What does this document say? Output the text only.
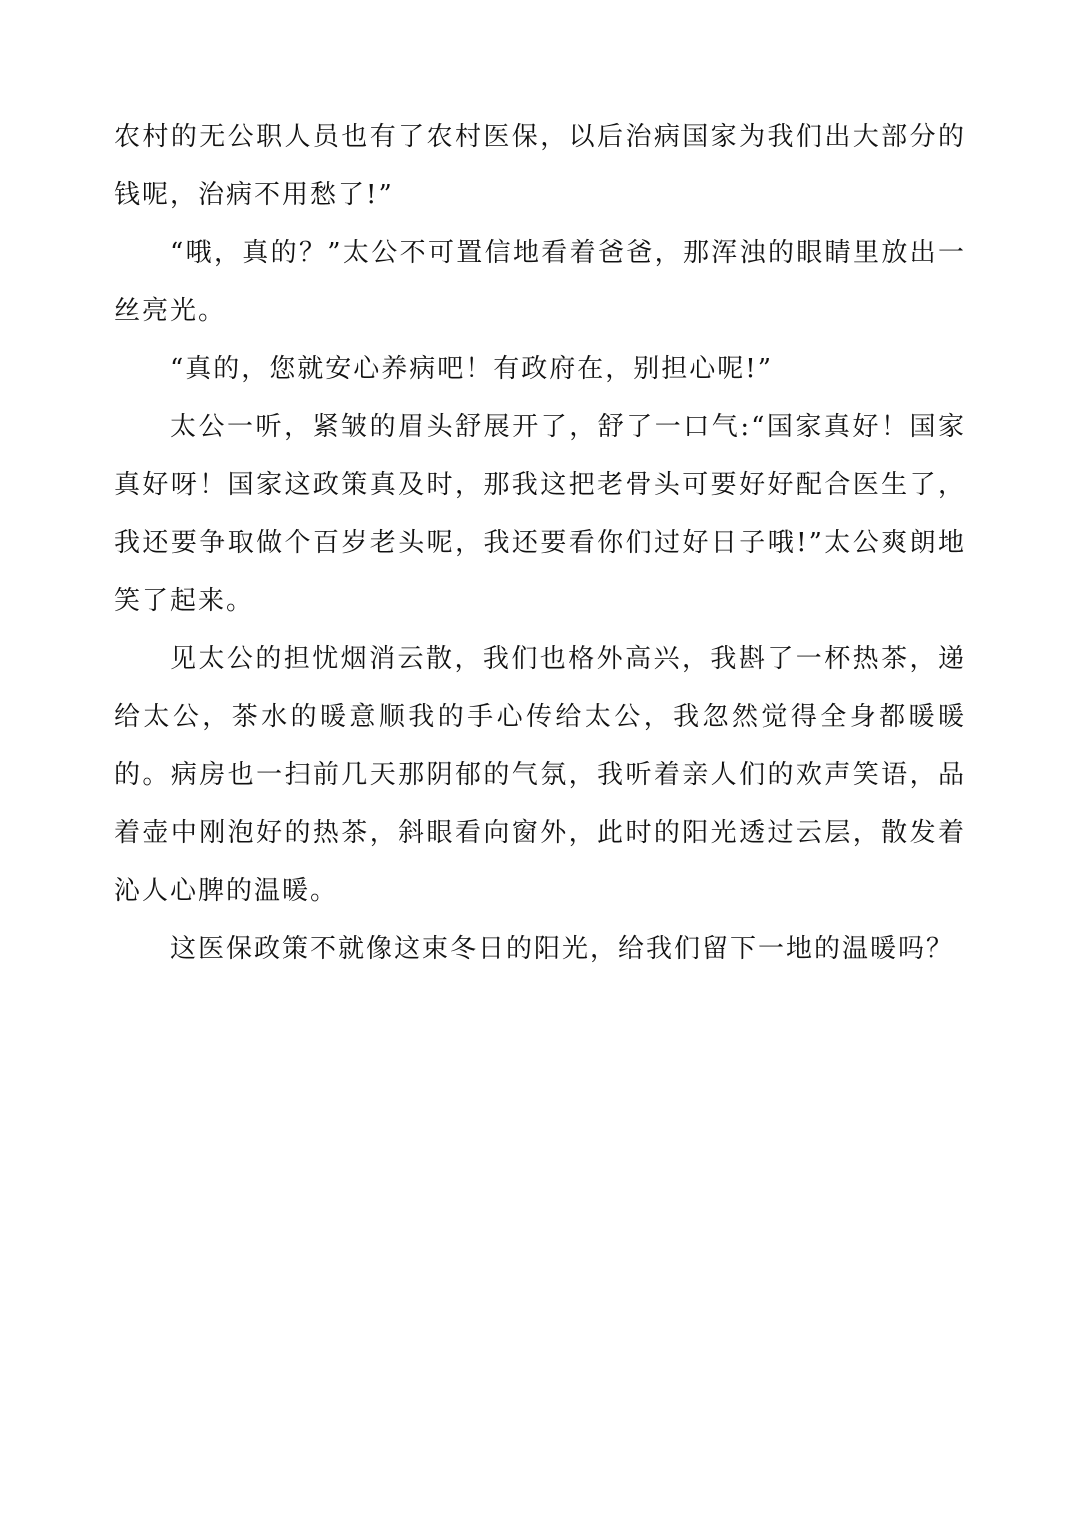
农村的无公职人员也有了农村医保，以后治病国家为我们出大部分的钱呢，治病不用愁了!”

“哦，真的？”太公不可置信地看着爸爸，那浑浊的眼睛里放出一丝亮光。

“真的，您就安心养病吧！有政府在，别担心呢!”

太公一听，紧皱的眉头舒展开了，舒了一口气:“国家真好！国家真好呀！国家这政策真及时，那我这把老骨头可要好好配合医生了，我还要争取做个百岁老头呢，我还要看你们过好日子哦!”太公爽朗地笑了起来。

见太公的担忧烟消云散，我们也格外高兴，我斟了一杯热茶，递给太公，茶水的暖意顺我的手心传给太公，我忽然觉得全身都暖暖的。病房也一扫前几天那阴郁的气氛，我听着亲人们的欢声笑语，品着壶中刚泡好的热茶，斜眼看向窗外，此时的阳光透过云层，散发着沁人心脾的温暖。

这医保政策不就像这束冬日的阳光，给我们留下一地的温暖吗？
